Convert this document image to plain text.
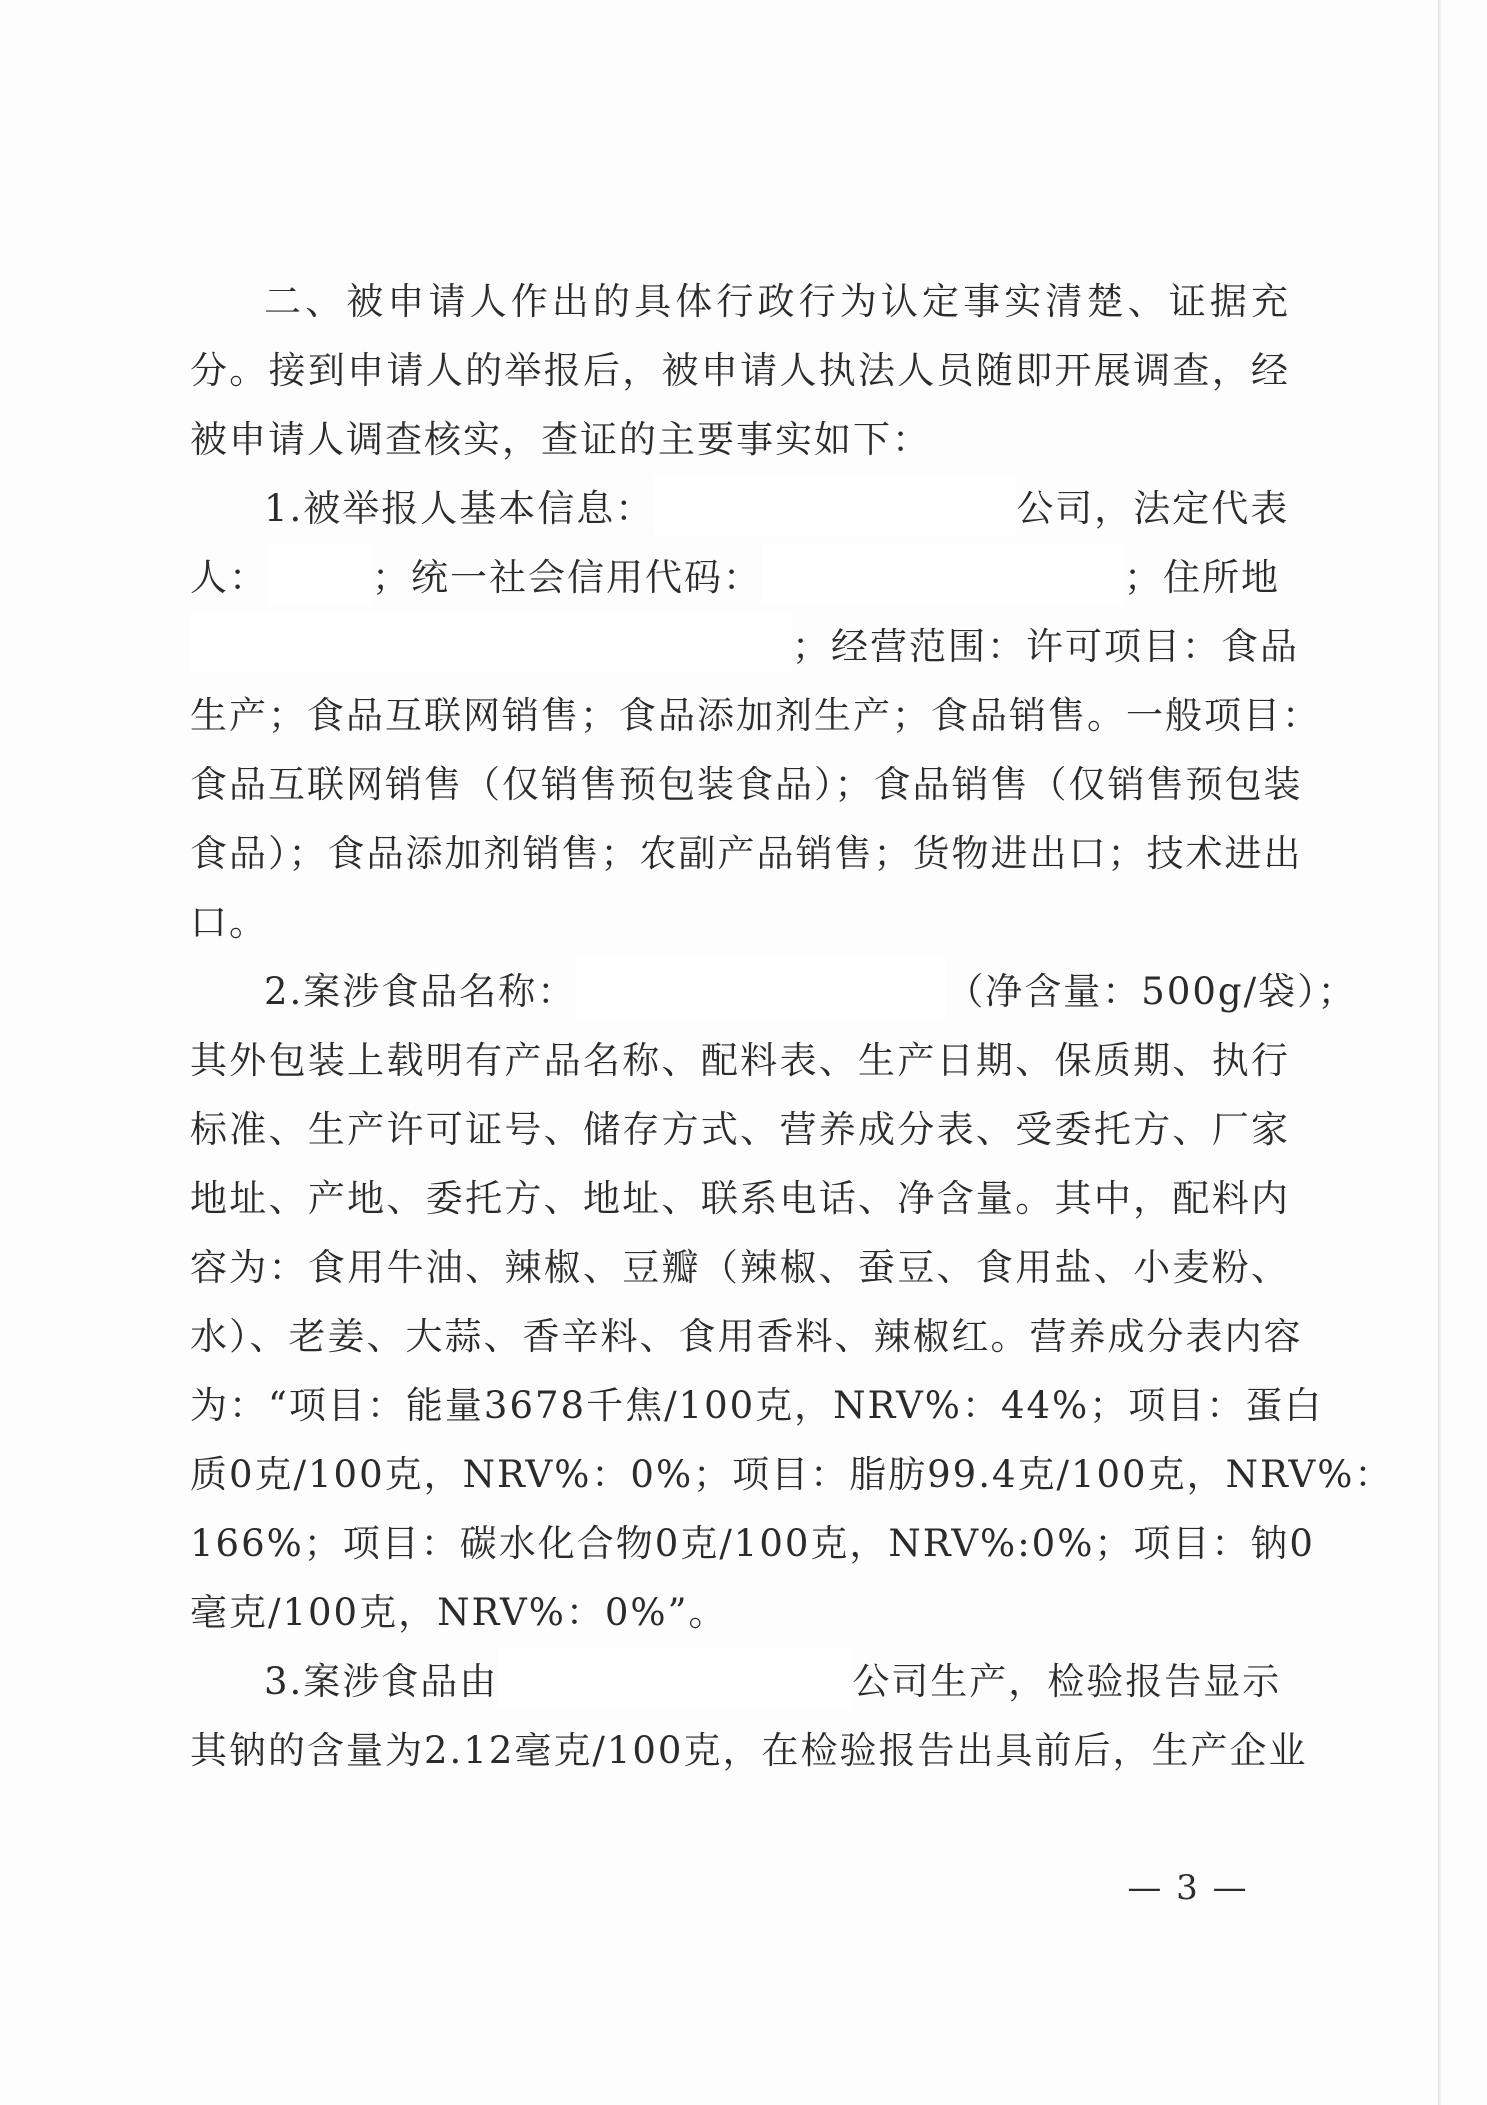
二、被申请人作出的具体行政行为认定事实清楚、证据充
分。接到申请人的举报后，被申请人执法人员随即开展调查，经
被申请人调查核实，查证的主要事实如下：
1.被举报人基本信息：	公司，法定代表
人：	；统一社会信用代码：	；住所地
；经营范围：许可项目：食品
生产；食品互联网销售；食品添加剂生产；食品销售。一般项目：
食品互联网销售（仅销售预包装食品）；食品销售（仅销售预包装
食品）；食品添加剂销售；农副产品销售；货物进出口；技术进出
口。
2.案涉食品名称：	（净含量：500g/袋）；
其外包装上载明有产品名称、配料表、生产日期、保质期、执行
标准、生产许可证号、储存方式、营养成分表、受委托方、厂家
地址、产地、委托方、地址、联系电话、净含量。其中，配料内
容为：食用牛油、辣椒、豆瓣（辣椒、蚕豆、食用盐、小麦粉、
水）、老姜、大蒜、香辛料、食用香料、辣椒红。营养成分表内容
为：“项目：能量3678千焦/100克，NRV%：44%；项目：蛋白
质0克/100克，NRV%：0%；项目：脂肪99.4克/100克，NRV%：
166%；项目：碳水化合物0克/100克，NRV%:0%；项目：钠0
毫克/100克，NRV%：0%”。
3.案涉食品由	公司生产，检验报告显示
其钠的含量为2.12毫克/100克，在检验报告出具前后，生产企业
— 3 —
